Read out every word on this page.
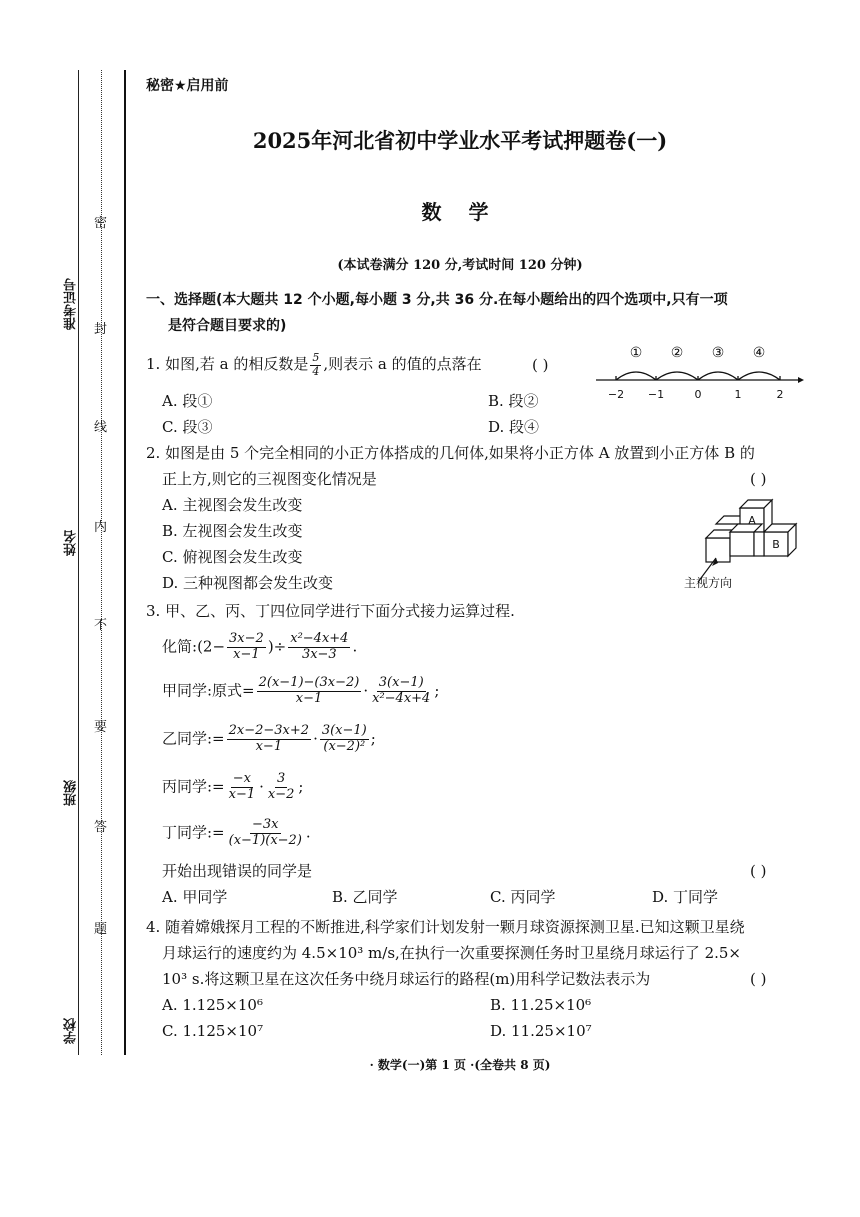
准考证号
姓名
班级
学校
密
封
线
内
不
要
答
题
秘密★启用前
2025年河北省初中学业水平考试押题卷(一)
数 学
(本试卷满分 120 分,考试时间 120 分钟)
一、选择题(本大题共 12 个小题,每小题 3 分,共 36 分.在每小题给出的四个选项中,只有一项
是符合题目要求的)
1. 如图,若 a 的相反数是 $\frac{5}{4}$ ,则表示 a 的值的点落在	( )
A. 段①	B. 段②
C. 段③	D. 段④
① ② ③ ④
−2 −1	0	1	2
2. 如图是由 5 个完全相同的小正方体搭成的几何体,如果将小正方体 A 放置到小正方体 B 的
正上方,则它的三视图变化情况是	( )
A. 主视图会发生改变
B. 左视图会发生改变
C. 俯视图会发生改变
D. 三种视图都会发生改变
A
B
主视方向
3. 甲、乙、丙、丁四位同学进行下面分式接力运算过程.
化简:(2− $\frac{3x-2}{x-1}$ )÷ $\frac{\text{x²−4x+4}}{3x-3}$ .
甲同学:原式= $\frac{2(x-1)-(3x-2)}{x-1} \cdot \frac{3(x-1)}{\text{x²−4x+4}}$ ;
乙同学:= $\frac{2x-2-3x+2}{x-1} \cdot \frac{3(x-1)}{\text{(x−2)²}}$ ;
丙同学:= $\frac{-x}{x-1} \cdot \frac{3}{x-2}$ ;
丁同学:= $\frac{-3x}{(x-1)(x-2)}$ .
开始出现错误的同学是	( )
A. 甲同学	B. 乙同学	C. 丙同学	D. 丁同学
4. 随着嫦娥探月工程的不断推进,科学家们计划发射一颗月球资源探测卫星.已知这颗卫星绕
月球运行的速度约为 4.5×10³ m/s,在执行一次重要探测任务时卫星绕月球运行了 2.5×
10³ s.将这颗卫星在这次任务中绕月球运行的路程(m)用科学记数法表示为	( )
A. 1.125×10⁶	B. 11.25×10⁶
C. 1.125×10⁷	D. 11.25×10⁷
· 数学(一)第 1 页 ·(全卷共 8 页)
